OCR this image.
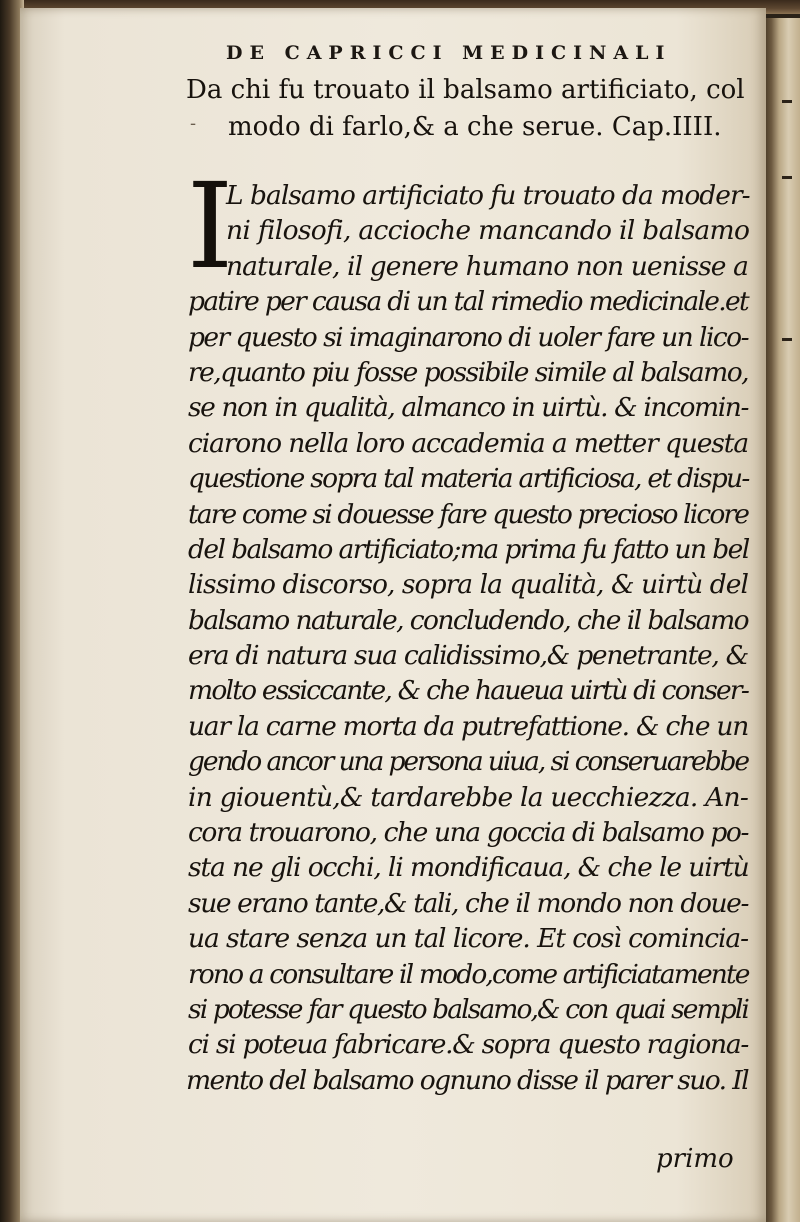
DE CAPRICCI MEDICINALI
Da chi fu trouato il balsamo artificiato, col
modo di farlo,& a che serue. Cap.IIII.
-
I
L balsamo artificiato fu trouato da moder-
ni filosofi, accioche mancando il balsamo
naturale, il genere humano non uenisse a
patire per causa di un tal rimedio medicinale.et
per questo si imaginarono di uoler fare un lico-
re,quanto piu fosse possibile simile al balsamo,
se non in qualità, almanco in uirtù. & incomin-
ciarono nella loro accademia a metter questa
questione sopra tal materia artificiosa, et dispu-
tare come si douesse fare questo precioso licore
del balsamo artificiato;ma prima fu fatto un bel
lissimo discorso, sopra la qualità, & uirtù del
balsamo naturale, concludendo, che il balsamo
era di natura sua calidissimo,& penetrante, &
molto essiccante, & che haueua uirtù di conser-
uar la carne morta da putrefattione. & che un
gendo ancor una persona uiua, si conseruarebbe
in giouentù,& tardarebbe la uecchiezza. An-
cora trouarono, che una goccia di balsamo po-
sta ne gli occhi, li mondificaua, & che le uirtù
sue erano tante,& tali, che il mondo non doue-
ua stare senza un tal licore. Et così comincia-
rono a consultare il modo,come artificiatamente
si potesse far questo balsamo,& con quai sempli
ci si poteua fabricare.& sopra questo ragiona-
mento del balsamo ognuno disse il parer suo. Il
primo
